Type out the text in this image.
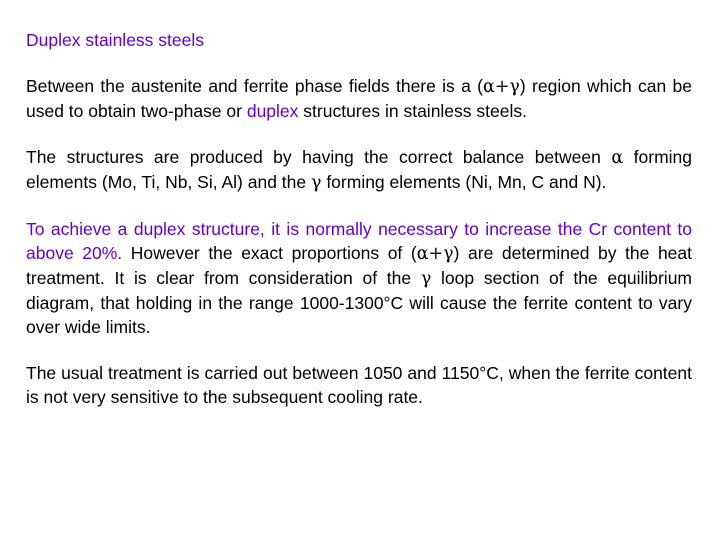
Duplex stainless steels

Between the austenite and ferrite phase fields there is a (α+γ) region which can be used to obtain two-phase or duplex structures in stainless steels.

The structures are produced by having the correct balance between α forming elements (Mo, Ti, Nb, Si, Al) and the γ forming elements (Ni, Mn, C and N).

To achieve a duplex structure, it is normally necessary to increase the Cr content to above 20%. However the exact proportions of (α+γ) are determined by the heat treatment. It is clear from consideration of the γ loop section of the equilibrium diagram, that holding in the range 1000-1300°C will cause the ferrite content to vary over wide limits.

The usual treatment is carried out between 1050 and 1150°C, when the ferrite content is not very sensitive to the subsequent cooling rate.
